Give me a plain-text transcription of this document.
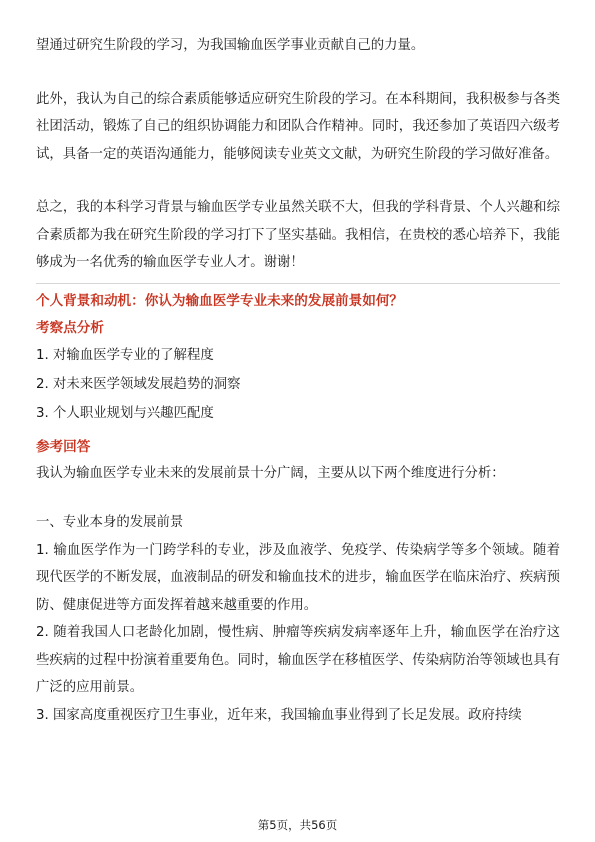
望通过研究生阶段的学习，为我国输血医学事业贡献自己的力量。

此外，我认为自己的综合素质能够适应研究生阶段的学习。在本科期间，我积极参与各类社团活动，锻炼了自己的组织协调能力和团队合作精神。同时，我还参加了英语四六级考试，具备一定的英语沟通能力，能够阅读专业英文文献，为研究生阶段的学习做好准备。

总之，我的本科学习背景与输血医学专业虽然关联不大，但我的学科背景、个人兴趣和综合素质都为我在研究生阶段的学习打下了坚实基础。我相信，在贵校的悉心培养下，我能够成为一名优秀的输血医学专业人才。谢谢！

个人背景和动机：你认为输血医学专业未来的发展前景如何？

考察点分析

1. 对输血医学专业的了解程度

2. 对未来医学领域发展趋势的洞察

3. 个人职业规划与兴趣匹配度

参考回答

我认为输血医学专业未来的发展前景十分广阔，主要从以下两个维度进行分析：

一、专业本身的发展前景

1. 输血医学作为一门跨学科的专业，涉及血液学、免疫学、传染病学等多个领域。随着现代医学的不断发展，血液制品的研发和输血技术的进步，输血医学在临床治疗、疾病预防、健康促进等方面发挥着越来越重要的作用。

2. 随着我国人口老龄化加剧，慢性病、肿瘤等疾病发病率逐年上升，输血医学在治疗这些疾病的过程中扮演着重要角色。同时，输血医学在移植医学、传染病防治等领域也具有广泛的应用前景。

3. 国家高度重视医疗卫生事业，近年来，我国输血事业得到了长足发展。政府持续

第5页，共56页
